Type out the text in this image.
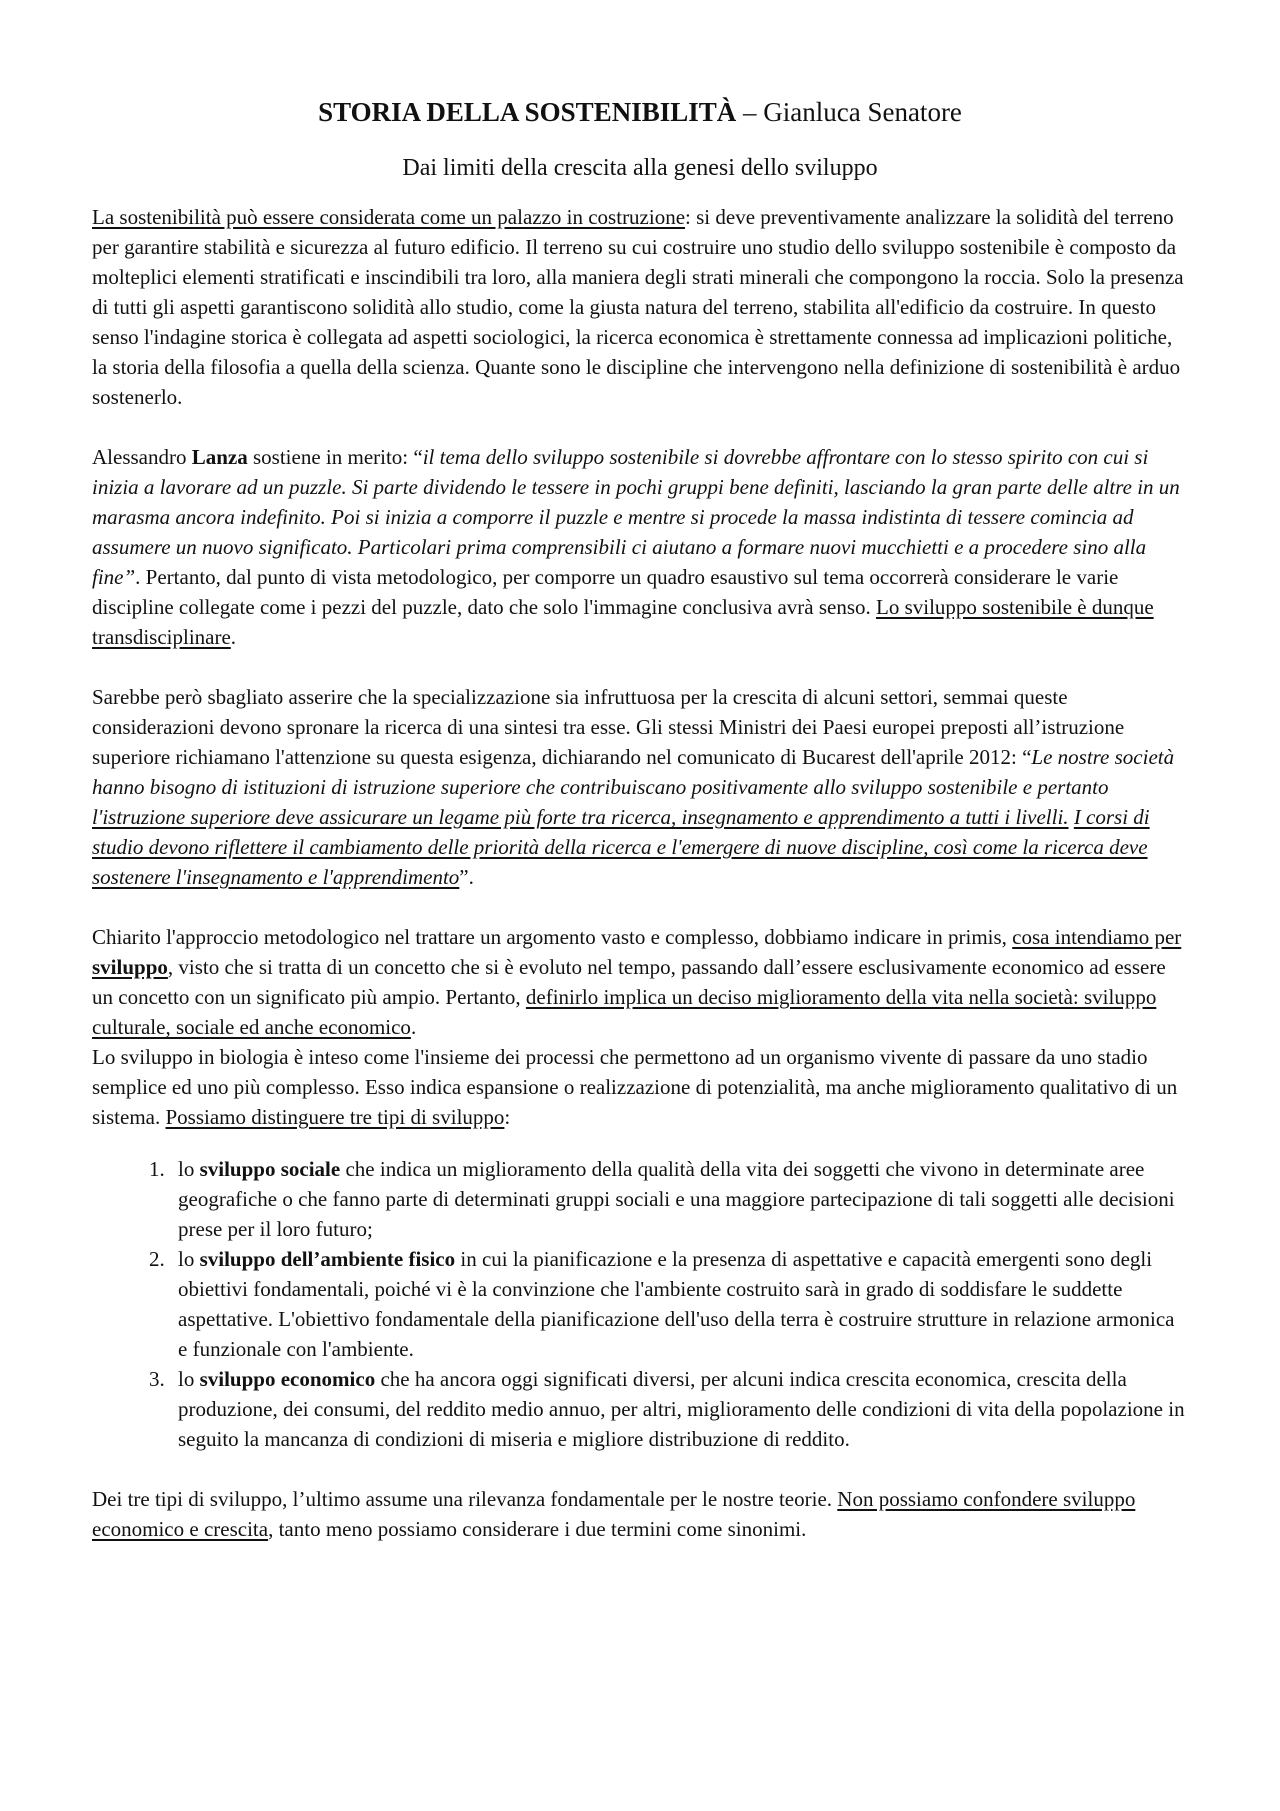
STORIA DELLA SOSTENIBILITÀ – Gianluca Senatore
Dai limiti della crescita alla genesi dello sviluppo

La sostenibilità può essere considerata come un palazzo in costruzione: si deve preventivamente analizzare la solidità del terreno per garantire stabilità e sicurezza al futuro edificio. Il terreno su cui costruire uno studio dello sviluppo sostenibile è composto da molteplici elementi stratificati e inscindibili tra loro, alla maniera degli strati minerali che compongono la roccia. Solo la presenza di tutti gli aspetti garantiscono solidità allo studio, come la giusta natura del terreno, stabilita all'edificio da costruire. In questo senso l'indagine storica è collegata ad aspetti sociologici, la ricerca economica è strettamente connessa ad implicazioni politiche, la storia della filosofia a quella della scienza. Quante sono le discipline che intervengono nella definizione di sostenibilità è arduo sostenerlo.

Alessandro Lanza sostiene in merito: “il tema dello sviluppo sostenibile si dovrebbe affrontare con lo stesso spirito con cui si inizia a lavorare ad un puzzle. Si parte dividendo le tessere in pochi gruppi bene definiti, lasciando la gran parte delle altre in un marasma ancora indefinito. Poi si inizia a comporre il puzzle e mentre si procede la massa indistinta di tessere comincia ad assumere un nuovo significato. Particolari prima comprensibili ci aiutano a formare nuovi mucchietti e a procedere sino alla fine”. Pertanto, dal punto di vista metodologico, per comporre un quadro esaustivo sul tema occorrerà considerare le varie discipline collegate come i pezzi del puzzle, dato che solo l'immagine conclusiva avrà senso. Lo sviluppo sostenibile è dunque transdisciplinare.

Sarebbe però sbagliato asserire che la specializzazione sia infruttuosa per la crescita di alcuni settori, semmai queste considerazioni devono spronare la ricerca di una sintesi tra esse. Gli stessi Ministri dei Paesi europei preposti all’istruzione superiore richiamano l'attenzione su questa esigenza, dichiarando nel comunicato di Bucarest dell'aprile 2012: “Le nostre società hanno bisogno di istituzioni di istruzione superiore che contribuiscano positivamente allo sviluppo sostenibile e pertanto l'istruzione superiore deve assicurare un legame più forte tra ricerca, insegnamento e apprendimento a tutti i livelli. I corsi di studio devono riflettere il cambiamento delle priorità della ricerca e l'emergere di nuove discipline, così come la ricerca deve sostenere l'insegnamento e l'apprendimento”.

Chiarito l'approccio metodologico nel trattare un argomento vasto e complesso, dobbiamo indicare in primis, cosa intendiamo per sviluppo, visto che si tratta di un concetto che si è evoluto nel tempo, passando dall’essere esclusivamente economico ad essere un concetto con un significato più ampio. Pertanto, definirlo implica un deciso miglioramento della vita nella società: sviluppo culturale, sociale ed anche economico.

Lo sviluppo in biologia è inteso come l'insieme dei processi che permettono ad un organismo vivente di passare da uno stadio semplice ed uno più complesso. Esso indica espansione o realizzazione di potenzialità, ma anche miglioramento qualitativo di un sistema. Possiamo distinguere tre tipi di sviluppo:

1. lo sviluppo sociale che indica un miglioramento della qualità della vita dei soggetti che vivono in determinate aree geografiche o che fanno parte di determinati gruppi sociali e una maggiore partecipazione di tali soggetti alle decisioni prese per il loro futuro;
2. lo sviluppo dell’ambiente fisico in cui la pianificazione e la presenza di aspettative e capacità emergenti sono degli obiettivi fondamentali, poiché vi è la convinzione che l'ambiente costruito sarà in grado di soddisfare le suddette aspettative. L'obiettivo fondamentale della pianificazione dell'uso della terra è costruire strutture in relazione armonica e funzionale con l'ambiente.
3. lo sviluppo economico che ha ancora oggi significati diversi, per alcuni indica crescita economica, crescita della produzione, dei consumi, del reddito medio annuo, per altri, miglioramento delle condizioni di vita della popolazione in seguito la mancanza di condizioni di miseria e migliore distribuzione di reddito.

Dei tre tipi di sviluppo, l’ultimo assume una rilevanza fondamentale per le nostre teorie. Non possiamo confondere sviluppo economico e crescita, tanto meno possiamo considerare i due termini come sinonimi.
